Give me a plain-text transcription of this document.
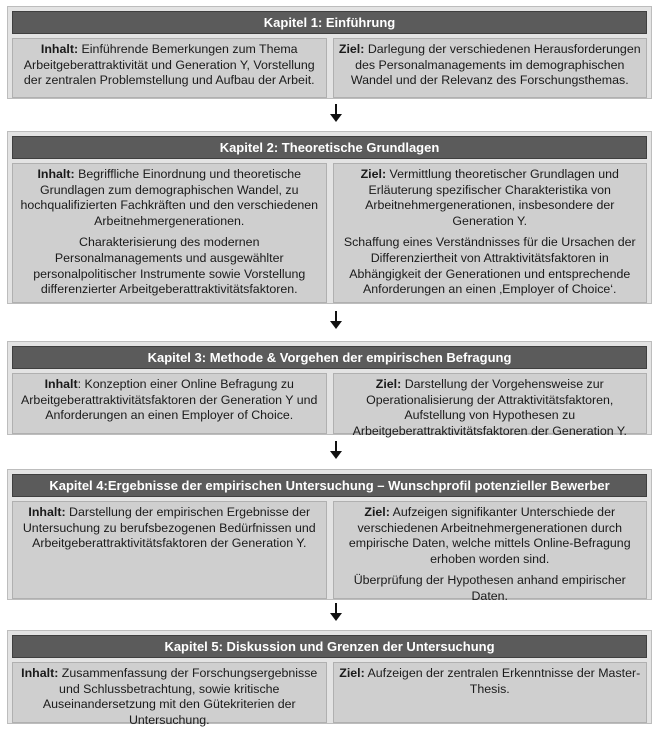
Kapitel 1: Einführung

Inhalt: Einführende Bemerkungen zum Thema Arbeitgeberattraktivität und Generation Y, Vorstellung der zentralen Problemstellung und Aufbau der Arbeit.

Ziel: Darlegung der verschiedenen Herausforderungen des Personalmanagements im demographischen Wandel und der Relevanz des Forschungsthemas.

Kapitel 2: Theoretische Grundlagen

Inhalt: Begriffliche Einordnung und theoretische Grundlagen zum demographischen Wandel, zu hochqualifizierten Fachkräften und den verschiedenen Arbeitnehmergenerationen.

Charakterisierung des modernen Personalmanagements und ausgewählter personalpolitischer Instrumente sowie Vorstellung differenzierter Arbeitgeberattraktivitätsfaktoren.

Ziel: Vermittlung theoretischer Grundlagen und Erläuterung spezifischer Charakteristika von Arbeitnehmergenerationen, insbesondere der Generation Y.

Schaffung eines Verständnisses für die Ursachen der Differenziertheit von Attraktivitätsfaktoren in Abhängigkeit der Generationen und entsprechende Anforderungen an einen ‚Employer of Choice‘.

Kapitel 3: Methode & Vorgehen der empirischen Befragung

Inhalt: Konzeption einer Online Befragung zu Arbeitgeberattraktivitätsfaktoren der Generation Y und Anforderungen an einen Employer of Choice.

Ziel: Darstellung der Vorgehensweise zur Operationalisierung der Attraktivitätsfaktoren, Aufstellung von Hypothesen zu Arbeitgeberattraktivitätsfaktoren der Generation Y.

Kapitel 4:Ergebnisse der empirischen Untersuchung – Wunschprofil potenzieller Bewerber

Inhalt: Darstellung der empirischen Ergebnisse der Untersuchung zu berufsbezogenen Bedürfnissen und Arbeitgeberattraktivitätsfaktoren der Generation Y.

Ziel: Aufzeigen signifikanter Unterschiede der verschiedenen Arbeitnehmergenerationen durch empirische Daten, welche mittels Online-Befragung erhoben worden sind.

Überprüfung der Hypothesen anhand empirischer Daten.

Kapitel 5: Diskussion und Grenzen der Untersuchung

Inhalt: Zusammenfassung der Forschungsergebnisse und Schlussbetrachtung, sowie kritische Auseinandersetzung mit den Gütekriterien der Untersuchung.

Ziel: Aufzeigen der zentralen Erkenntnisse der Master-Thesis.
